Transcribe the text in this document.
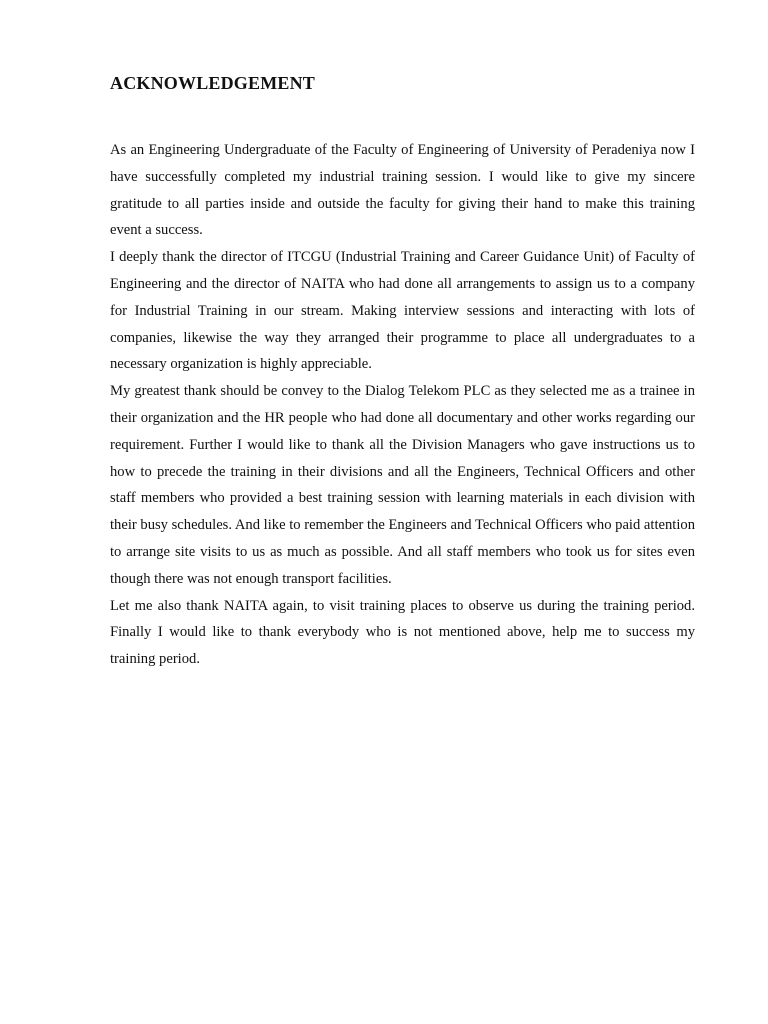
ACKNOWLEDGEMENT

As an Engineering Undergraduate of the Faculty of Engineering of University of Peradeniya now I have successfully completed my industrial training session. I would like to give my sincere gratitude to all parties inside and outside the faculty for giving their hand to make this training event a success.

I deeply thank the director of ITCGU (Industrial Training and Career Guidance Unit) of Faculty of Engineering and the director of NAITA who had done all arrangements to assign us to a company for Industrial Training in our stream. Making interview sessions and interacting with lots of companies, likewise the way they arranged their programme to place all undergraduates to a necessary organization is highly appreciable.

My greatest thank should be convey to the Dialog Telekom PLC as they selected me as a trainee in their organization and the HR people who had done all documentary and other works regarding our requirement. Further I would like to thank all the Division Managers who gave instructions us to how to precede the training in their divisions and all the Engineers, Technical Officers and other staff members who provided a best training session with learning materials in each division with their busy schedules. And like to remember the Engineers and Technical Officers who paid attention to arrange site visits to us as much as possible. And all staff members who took us for sites even though there was not enough transport facilities.

Let me also thank NAITA again, to visit training places to observe us during the training period. Finally I would like to thank everybody who is not mentioned above, help me to success my training period.
